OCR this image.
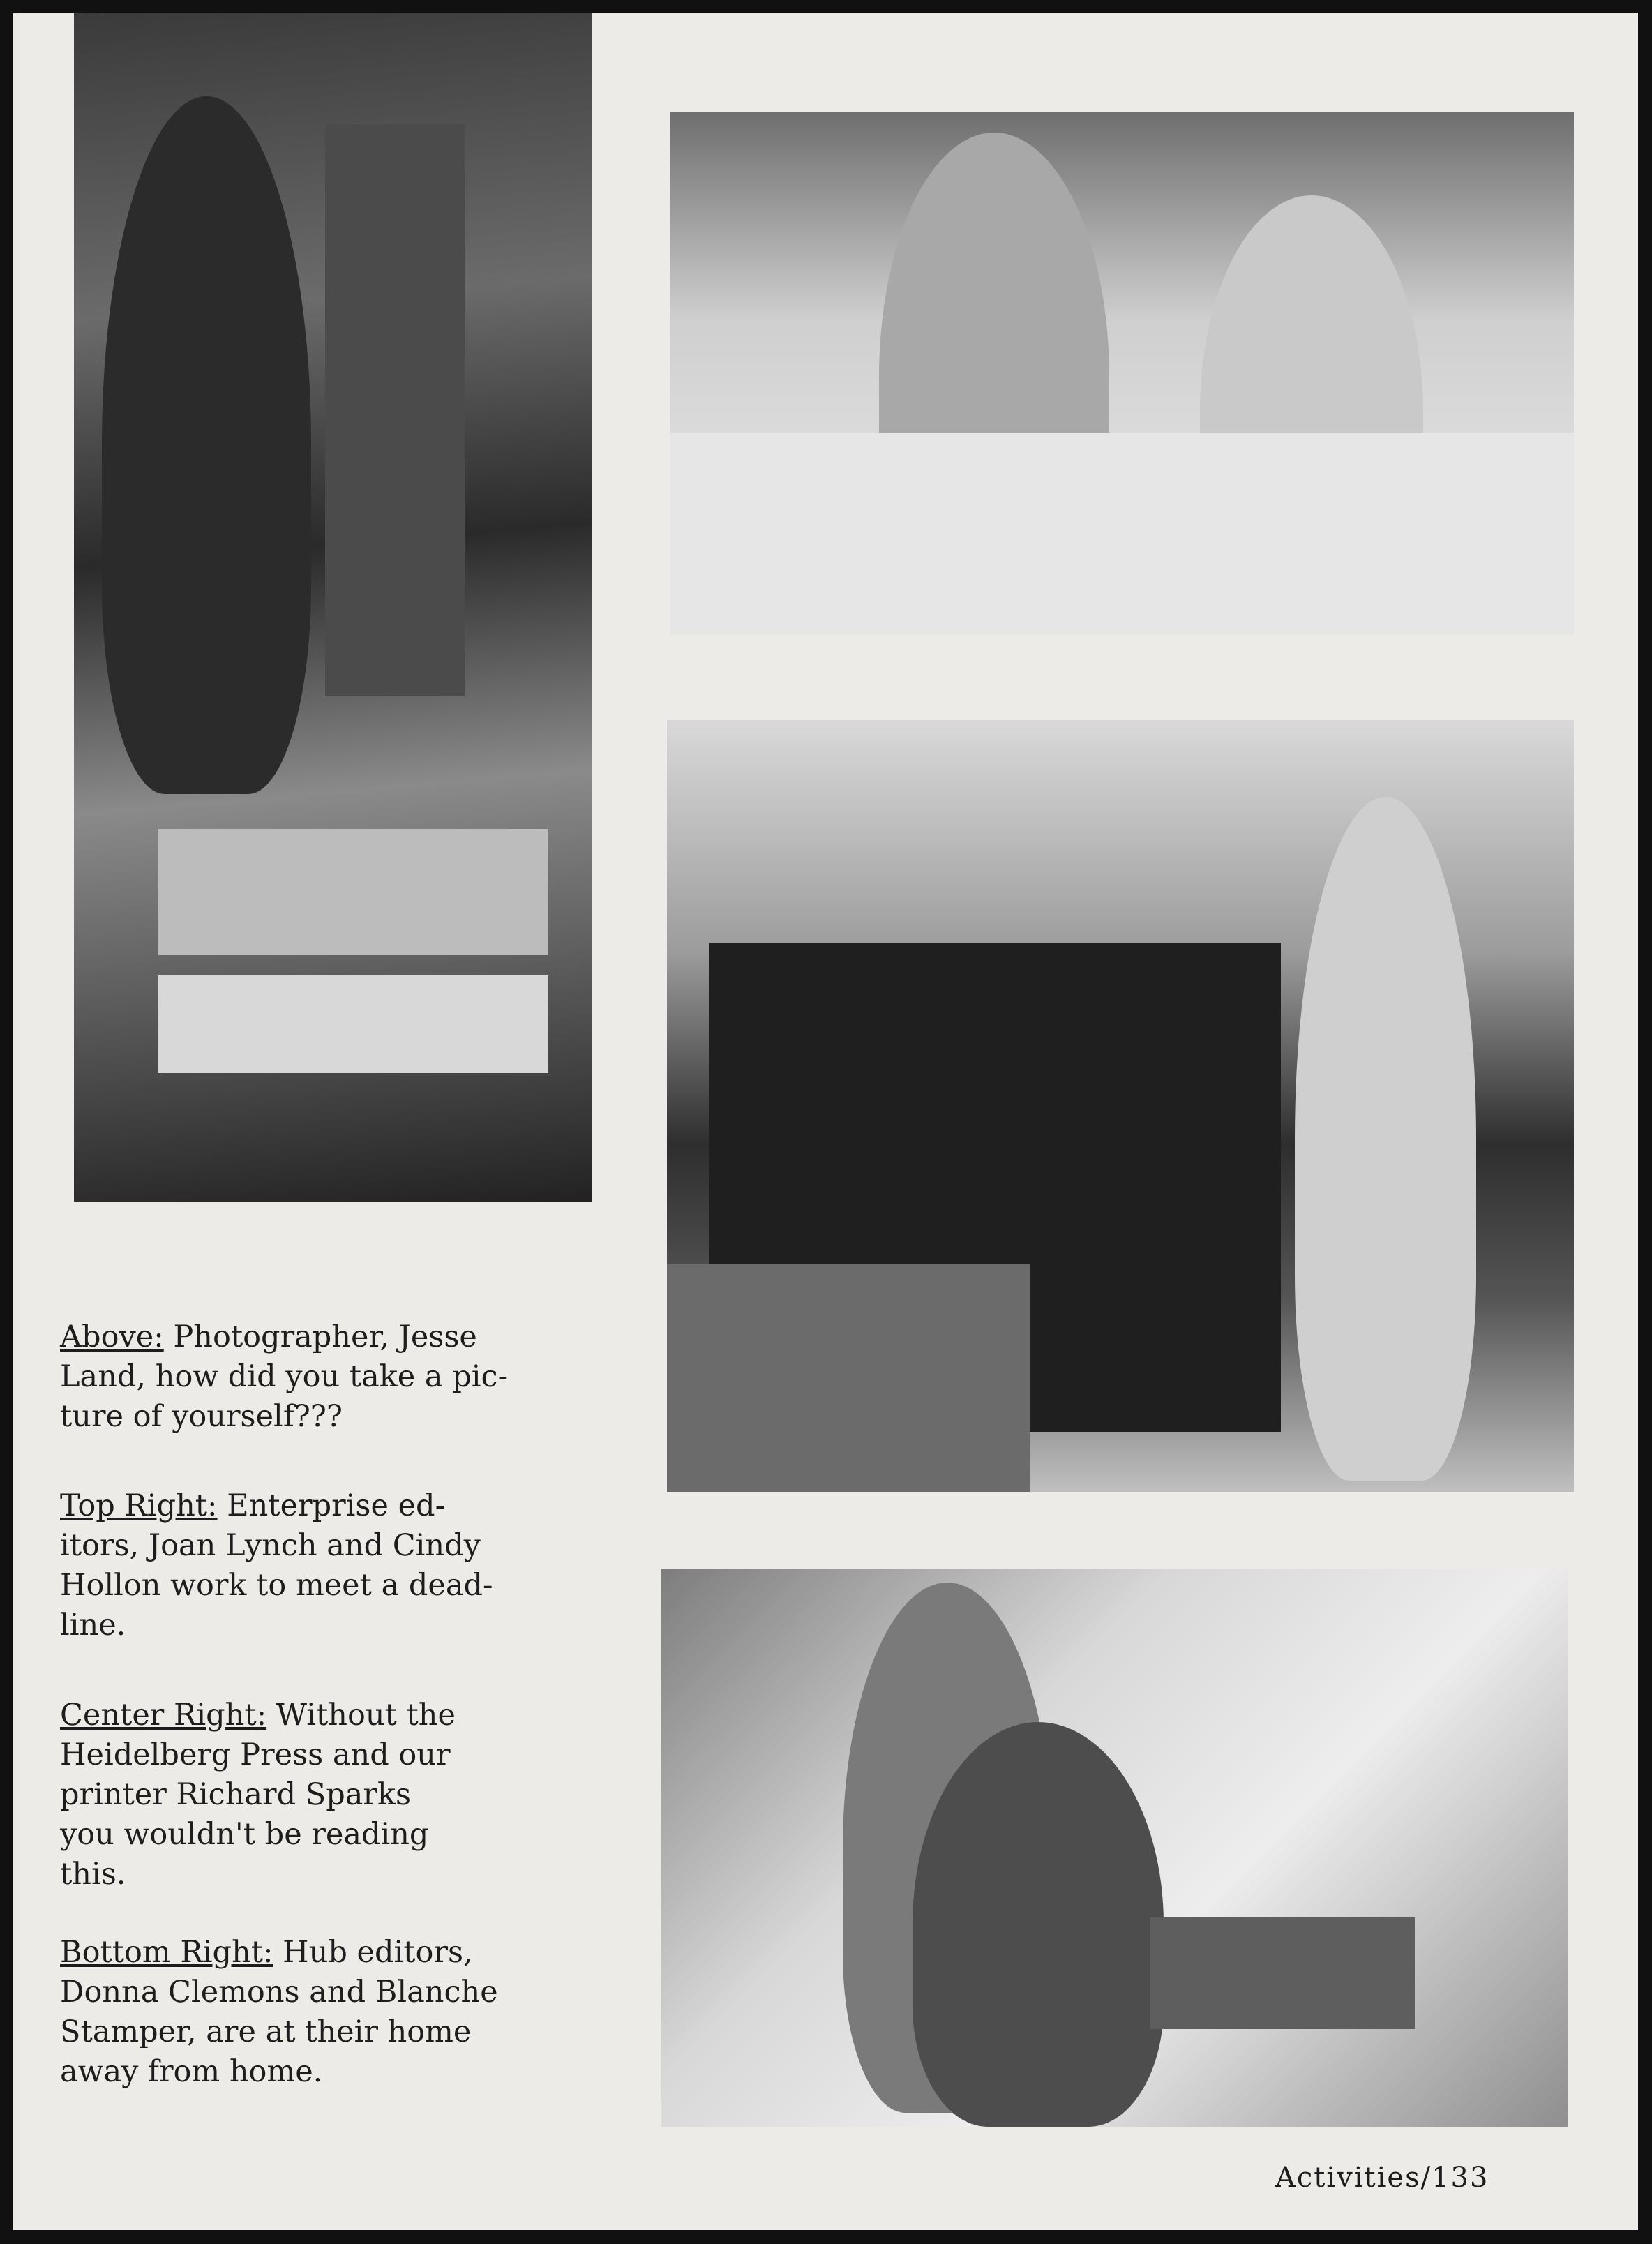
Above: Photographer, Jesse
Land, how did you take a pic-
ture of yourself???
Top Right: Enterprise ed-
itors, Joan Lynch and Cindy
Hollon work to meet a dead-
line.
Center Right: Without the
Heidelberg Press and our
printer Richard Sparks
you wouldn't be reading
this.
Bottom Right: Hub editors,
Donna Clemons and Blanche
Stamper, are at their home
away from home.
Activities/133
